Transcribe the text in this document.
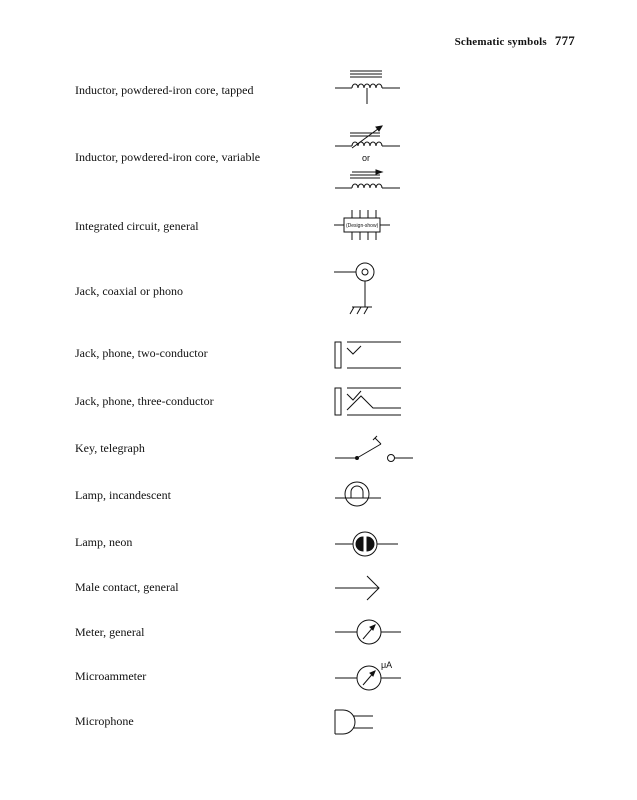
Schematic symbols 777
Inductor, powdered-iron core, tapped
Inductor, powdered-iron core, variable
Integrated circuit, general
Jack, coaxial or phono
Jack, phone, two-conductor
Jack, phone, three-conductor
Key, telegraph
Lamp, incandescent
Lamp, neon
Male contact, general
Meter, general
Microammeter
Microphone
or
(Design-show)
μA
